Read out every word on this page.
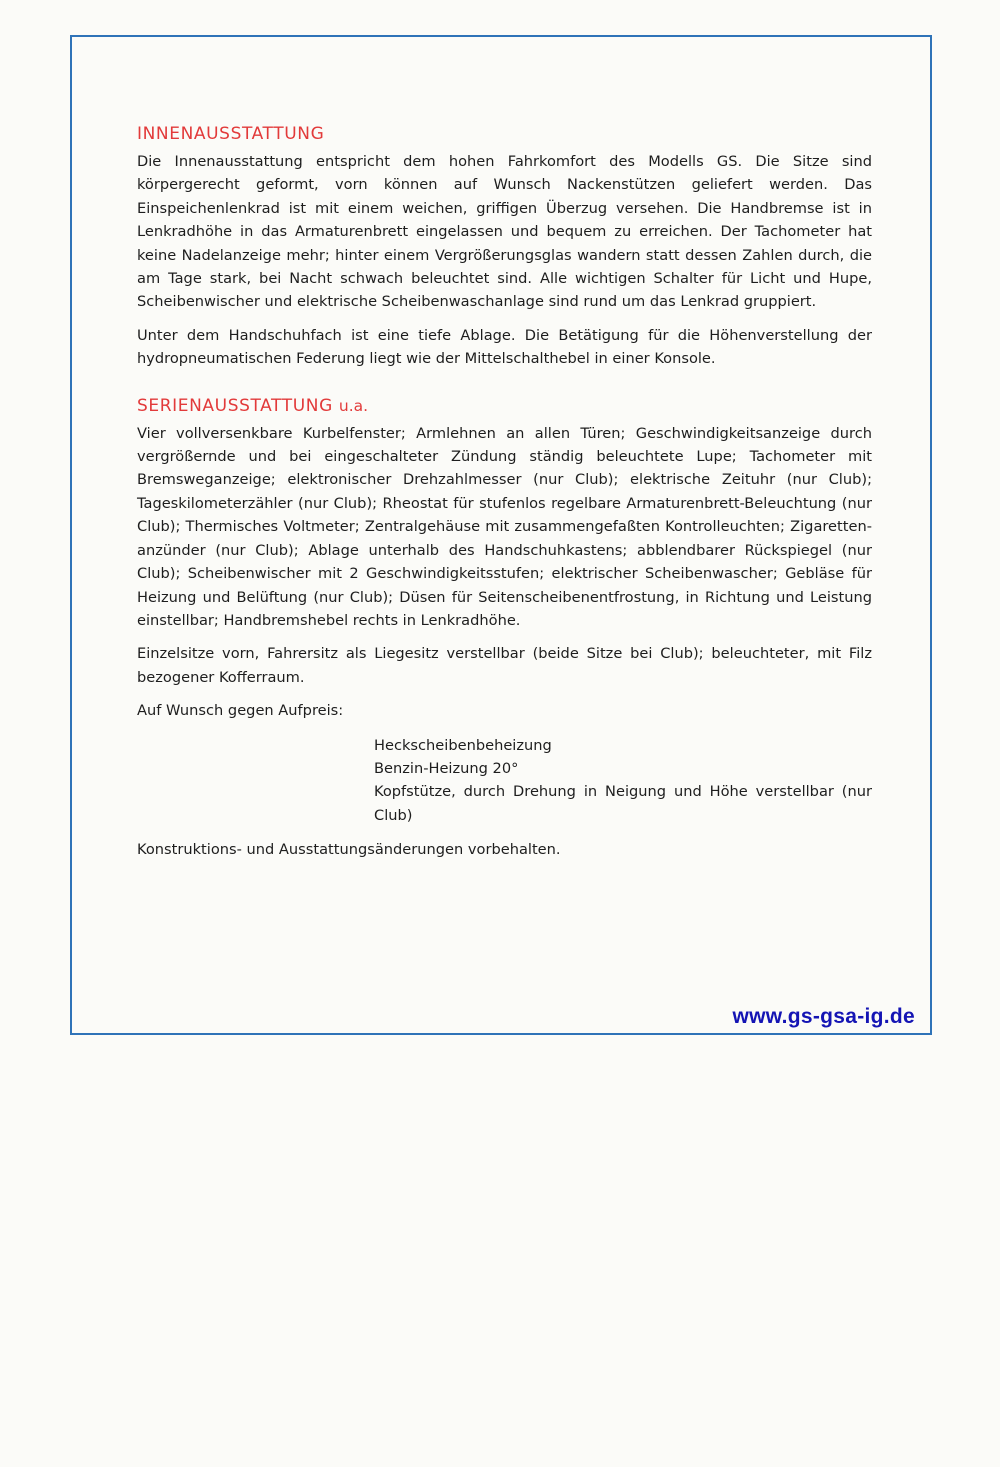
INNENAUSSTATTUNG

Die Innenausstattung entspricht dem hohen Fahrkomfort des Modells GS. Die Sitze sind körpergerecht geformt, vorn können auf Wunsch Nackenstützen geliefert werden. Das Einspeichenlenkrad ist mit einem weichen, griffigen Überzug versehen. Die Handbremse ist in Lenkradhöhe in das Armaturenbrett eingelassen und bequem zu erreichen. Der Tachometer hat keine Nadelanzeige mehr; hinter einem Vergrößerungsglas wandern statt dessen Zahlen durch, die am Tage stark, bei Nacht schwach beleuchtet sind. Alle wichtigen Schalter für Licht und Hupe, Scheibenwischer und elektrische Scheibenwaschanlage sind rund um das Lenkrad gruppiert.

Unter dem Handschuhfach ist eine tiefe Ablage. Die Betätigung für die Höhenverstellung der hydropneumatischen Federung liegt wie der Mittelschalthebel in einer Konsole.

SERIENAUSSTATTUNG u.a.

Vier vollversenkbare Kurbelfenster; Armlehnen an allen Türen; Geschwindigkeitsanzeige durch vergrößernde und bei eingeschalteter Zündung ständig beleuchtete Lupe; Tachometer mit Bremsweganzeige; elektronischer Drehzahlmesser (nur Club); elektrische Zeituhr (nur Club); Tageskilometerzähler (nur Club); Rheostat für stufenlos regelbare Armaturenbrett-Beleuchtung (nur Club); Thermisches Voltmeter; Zentralgehäuse mit zusammengefaßten Kontrolleuchten; Zigarettenanzünder (nur Club); Ablage unterhalb des Handschuhkastens; abblendbarer Rückspiegel (nur Club); Scheibenwischer mit 2 Geschwindigkeitsstufen; elektrischer Scheibenwascher; Gebläse für Heizung und Belüftung (nur Club); Düsen für Seitenscheibenentfrostung, in Richtung und Leistung einstellbar; Handbremshebel rechts in Lenkradhöhe.

Einzelsitze vorn, Fahrersitz als Liegesitz verstellbar (beide Sitze bei Club); beleuchteter, mit Filz bezogener Kofferraum.

Auf Wunsch gegen Aufpreis:

Heckscheibenbeheizung
Benzin-Heizung 20°
Kopfstütze, durch Drehung in Neigung und Höhe verstellbar (nur Club)

Konstruktions- und Ausstattungsänderungen vorbehalten.

www.gs-gsa-ig.de
